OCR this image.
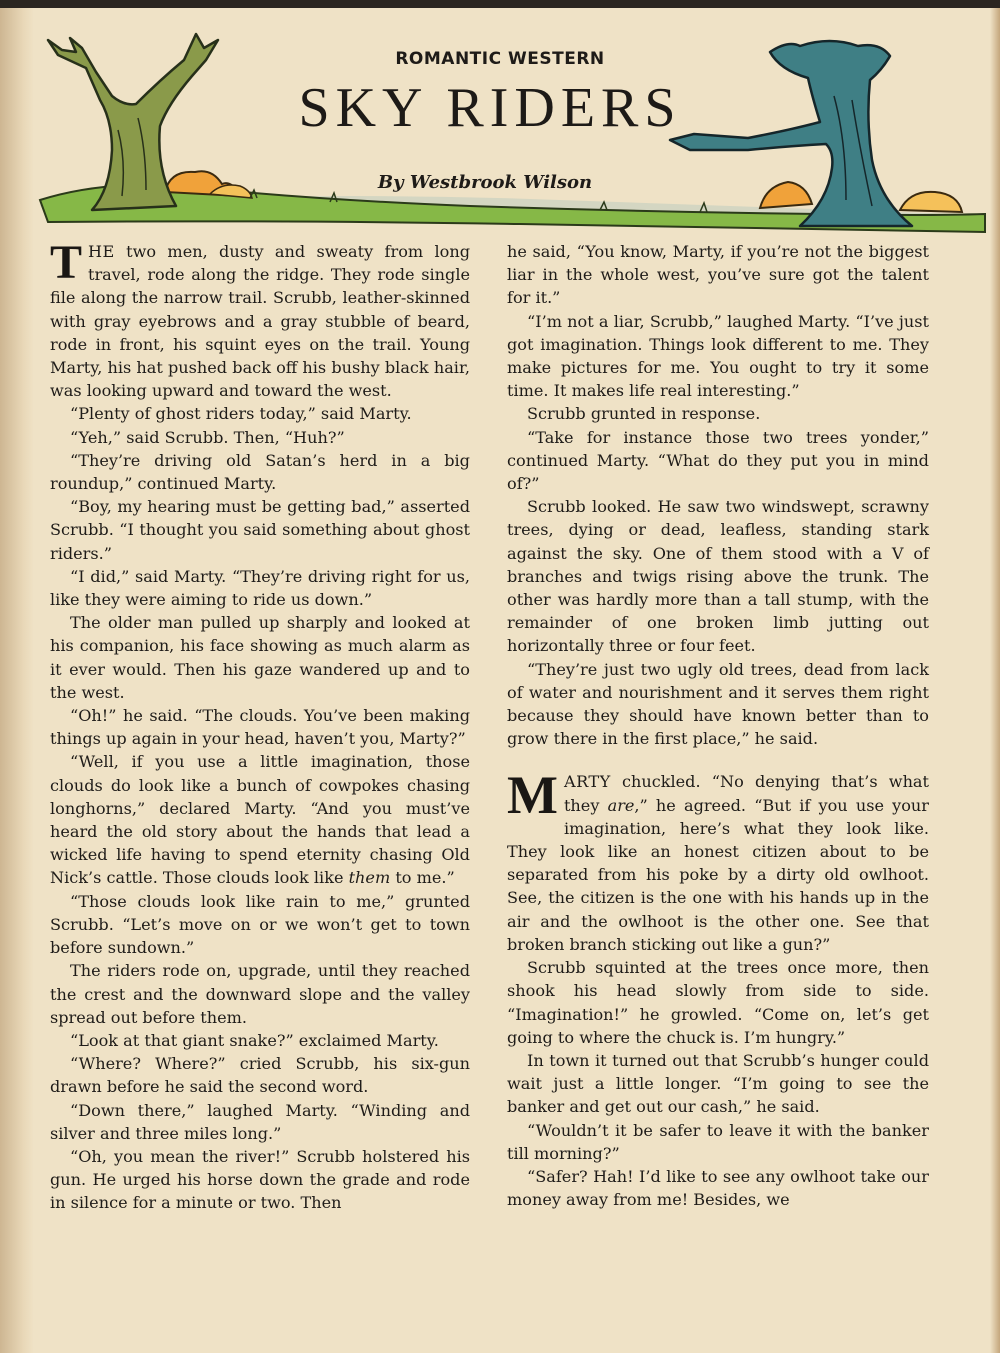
ROMANTIC WESTERN
SKY RIDERS

By Westbrook Wilson

THE two men, dusty and sweaty from long travel, rode along the ridge. They rode single file along the narrow trail. Scrubb, leather-skinned with gray eyebrows and a gray stubble of beard, rode in front, his squint eyes on the trail. Young Marty, his hat pushed back off his bushy black hair, was looking upward and toward the west.

“Plenty of ghost riders today,” said Marty.

“Yeh,” said Scrubb. Then, “Huh?”

“They’re driving old Satan’s herd in a big roundup,” continued Marty.

“Boy, my hearing must be getting bad,” asserted Scrubb. “I thought you said something about ghost riders.”

“I did,” said Marty. “They’re driving right for us, like they were aiming to ride us down.”

The older man pulled up sharply and looked at his companion, his face showing as much alarm as it ever would. Then his gaze wandered up and to the west.

“Oh!” he said. “The clouds. You’ve been making things up again in your head, haven’t you, Marty?”

“Well, if you use a little imagination, those clouds do look like a bunch of cowpokes chasing longhorns,” declared Marty. “And you must’ve heard the old story about the hands that lead a wicked life having to spend eternity chasing Old Nick’s cattle. Those clouds look like them to me.”

“Those clouds look like rain to me,” grunted Scrubb. “Let’s move on or we won’t get to town before sundown.”

The riders rode on, upgrade, until they reached the crest and the downward slope and the valley spread out before them.

“Look at that giant snake?” exclaimed Marty.

“Where? Where?” cried Scrubb, his six-gun drawn before he said the second word.

“Down there,” laughed Marty. “Winding and silver and three miles long.”

“Oh, you mean the river!” Scrubb holstered his gun. He urged his horse down the grade and rode in silence for a minute or two. Then

he said, “You know, Marty, if you’re not the biggest liar in the whole west, you’ve sure got the talent for it.”

“I’m not a liar, Scrubb,” laughed Marty. “I’ve just got imagination. Things look different to me. They make pictures for me. You ought to try it some time. It makes life real interesting.”

Scrubb grunted in response.

“Take for instance those two trees yonder,” continued Marty. “What do they put you in mind of?”

Scrubb looked. He saw two windswept, scrawny trees, dying or dead, leafless, standing stark against the sky. One of them stood with a V of branches and twigs rising above the trunk. The other was hardly more than a tall stump, with the remainder of one broken limb jutting out horizontally three or four feet.

“They’re just two ugly old trees, dead from lack of water and nourishment and it serves them right because they should have known better than to grow there in the first place,” he said.

MARTY chuckled. “No denying that’s what they are,” he agreed. “But if you use your imagination, here’s what they look like. They look like an honest citizen about to be separated from his poke by a dirty old owlhoot. See, the citizen is the one with his hands up in the air and the owlhoot is the other one. See that broken branch sticking out like a gun?”

Scrubb squinted at the trees once more, then shook his head slowly from side to side. “Imagination!” he growled. “Come on, let’s get going to where the chuck is. I’m hungry.”

In town it turned out that Scrubb’s hunger could wait just a little longer. “I’m going to see the banker and get out our cash,” he said.

“Wouldn’t it be safer to leave it with the banker till morning?”

“Safer? Hah! I’d like to see any owlhoot take our money away from me! Besides, we
